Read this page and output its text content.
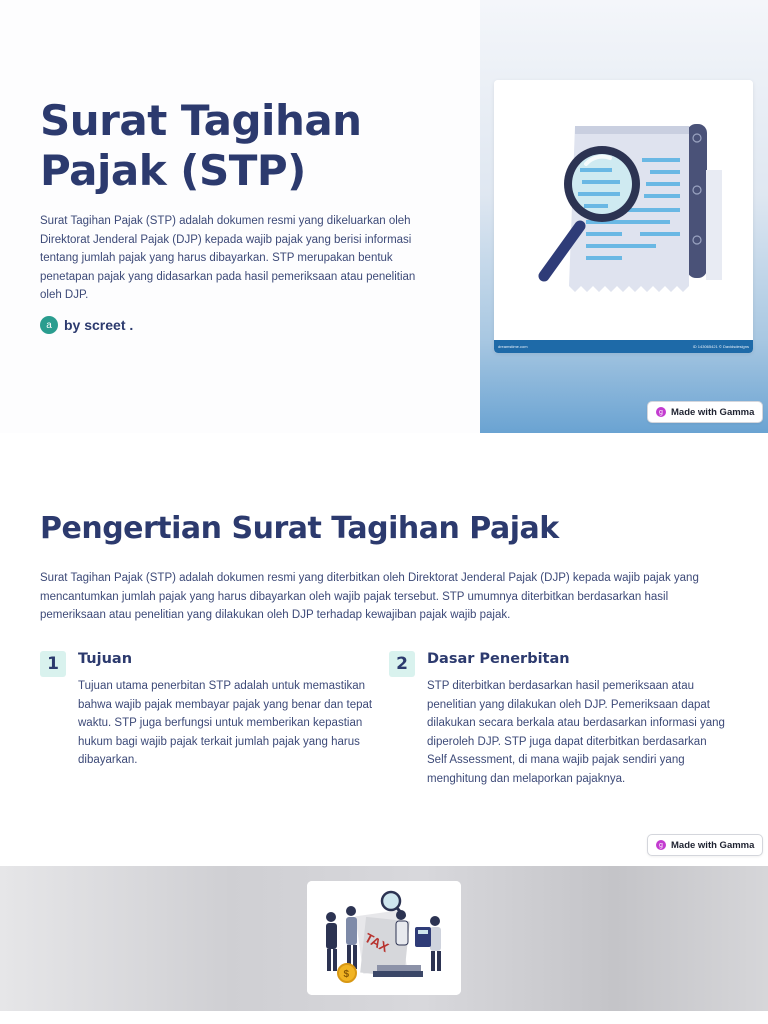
Surat Tagihan Pajak (STP)

Surat Tagihan Pajak (STP) adalah dokumen resmi yang dikeluarkan oleh Direktorat Jenderal Pajak (DJP) kepada wajib pajak yang berisi informasi tentang jumlah pajak yang harus dibayarkan. STP merupakan bentuk penetapan pajak yang didasarkan pada hasil pemeriksaan atau penelitian oleh DJP.

a by screet .
dreamstime.com	ID 143065421 © Davidsdesigns
g Made with Gamma
Pengertian Surat Tagihan Pajak

Surat Tagihan Pajak (STP) adalah dokumen resmi yang diterbitkan oleh Direktorat Jenderal Pajak (DJP) kepada wajib pajak yang mencantumkan jumlah pajak yang harus dibayarkan oleh wajib pajak tersebut. STP umumnya diterbitkan berdasarkan hasil pemeriksaan atau penelitian yang dilakukan oleh DJP terhadap kewajiban pajak wajib pajak.

1	Tujuan

Tujuan utama penerbitan STP adalah untuk memastikan bahwa wajib pajak membayar pajak yang benar dan tepat waktu. STP juga berfungsi untuk memberikan kepastian hukum bagi wajib pajak terkait jumlah pajak yang harus dibayarkan.

2	Dasar Penerbitan

STP diterbitkan berdasarkan hasil pemeriksaan atau penelitian yang dilakukan oleh DJP. Pemeriksaan dapat dilakukan secara berkala atau berdasarkan informasi yang diperoleh DJP. STP juga dapat diterbitkan berdasarkan Self Assessment, di mana wajib pajak sendiri yang menghitung dan melaporkan pajaknya.

g Made with Gamma
TAX
$
